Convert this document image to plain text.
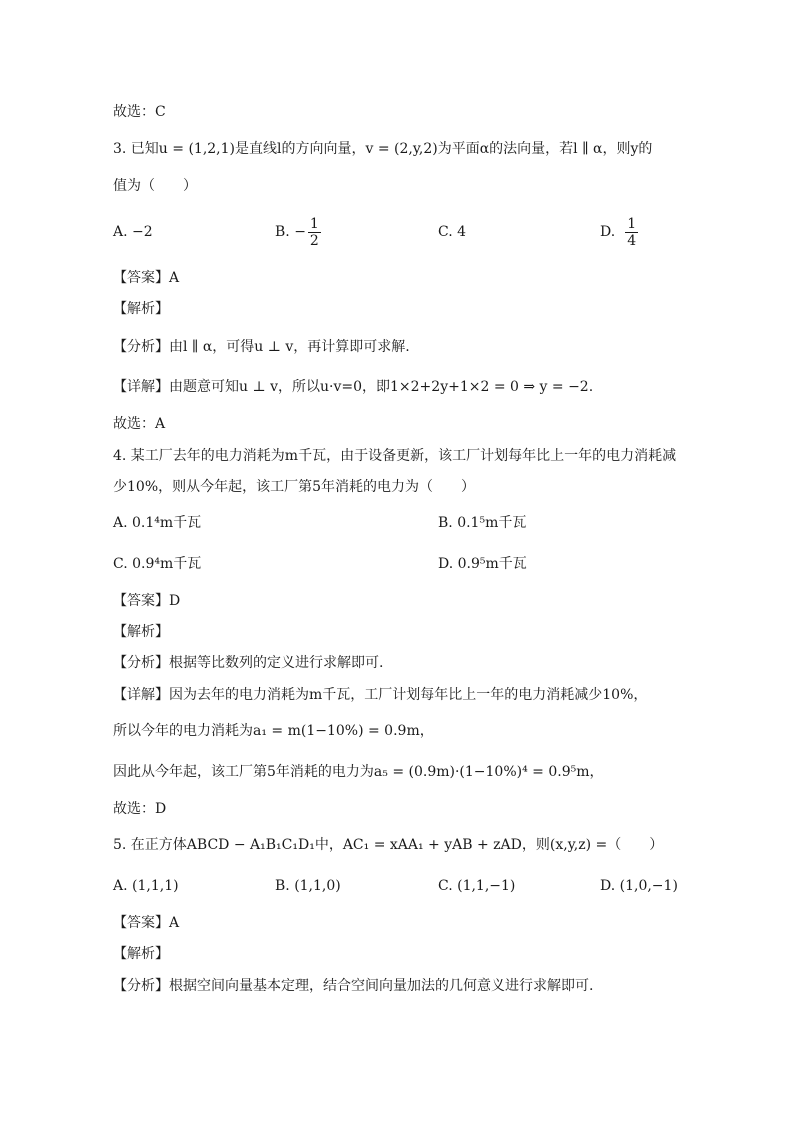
故选：C
3. 已知u = (1,2,1)是直线l的方向向量，v = (2,y,2)为平面α的法向量，若l ∥ α，则y的
值为（　　）
A. −2	B. − $\frac{1}{2}$	C. 4	D. $\frac{1}{4}$
【答案】A
【解析】
【分析】由l ∥ α，可得u ⊥ v，再计算即可求解.
【详解】由题意可知u ⊥ v，所以u·v=0，即1×2+2y+1×2 = 0 ⇒ y = −2.
故选：A
4. 某工厂去年的电力消耗为m千瓦，由于设备更新，该工厂计划每年比上一年的电力消耗减
少10%，则从今年起，该工厂第5年消耗的电力为（　　）
A. 0.1⁴m千瓦	B. 0.1⁵m千瓦
C. 0.9⁴m千瓦	D. 0.9⁵m千瓦
【答案】D
【解析】
【分析】根据等比数列的定义进行求解即可.
【详解】因为去年的电力消耗为m千瓦，工厂计划每年比上一年的电力消耗减少10%，
所以今年的电力消耗为a₁ = m(1−10%) = 0.9m，
因此从今年起，该工厂第5年消耗的电力为a₅ = (0.9m)·(1−10%)⁴ = 0.9⁵m，
故选：D
5. 在正方体ABCD − A₁B₁C₁D₁中，AC₁ = xAA₁ + yAB + zAD，则(x,y,z) =（　　）
A. (1,1,1)	B. (1,1,0)	C. (1,1,−1)	D. (1,0,−1)
【答案】A
【解析】
【分析】根据空间向量基本定理，结合空间向量加法的几何意义进行求解即可.
